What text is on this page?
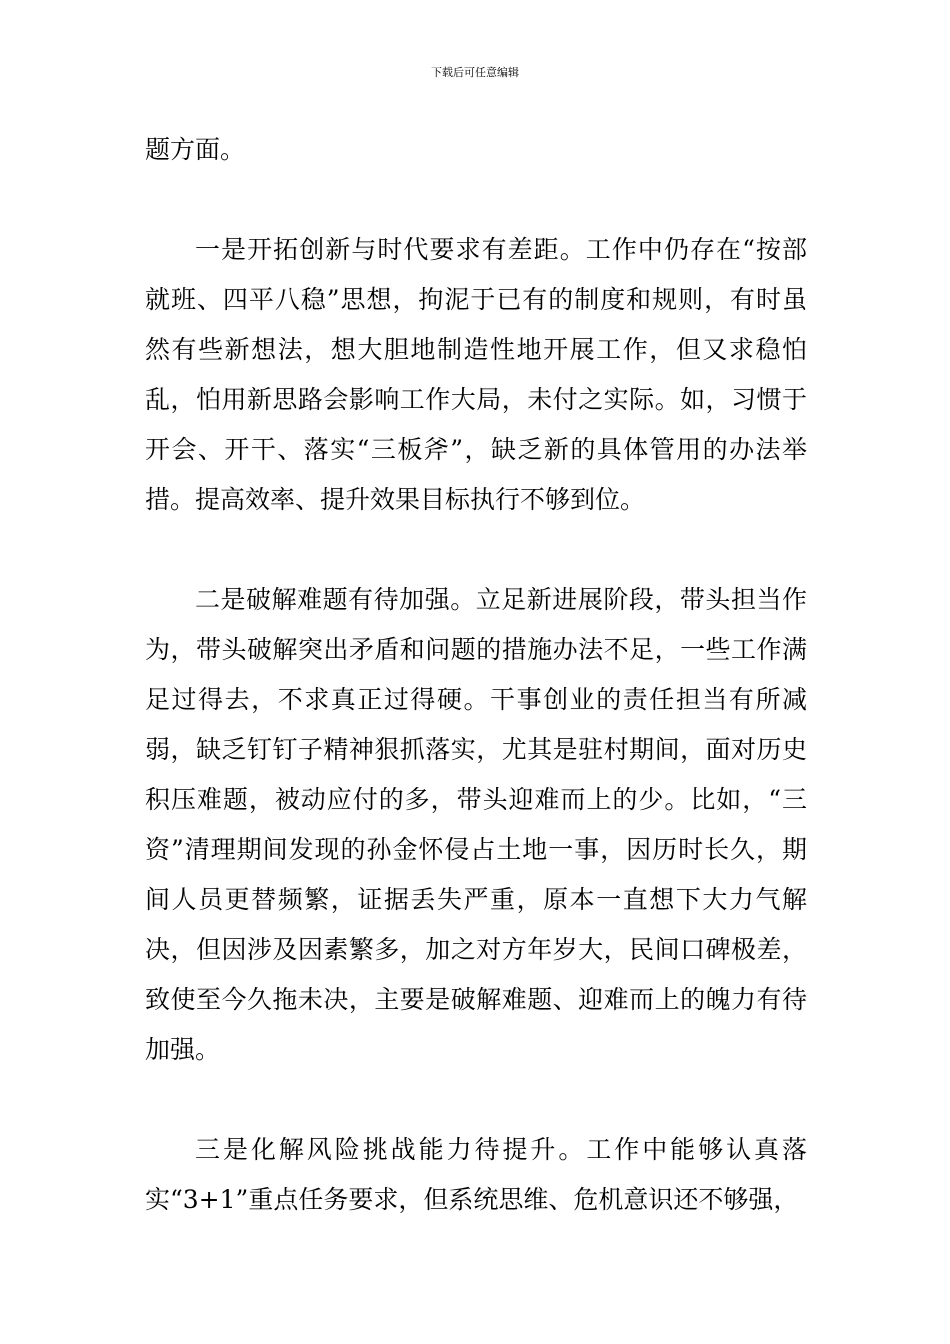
下载后可任意编辑

题方面。

一是开拓创新与时代要求有差距。工作中仍存在“按部就班、四平八稳”思想，拘泥于已有的制度和规则，有时虽然有些新想法，想大胆地制造性地开展工作，但又求稳怕乱，怕用新思路会影响工作大局，未付之实际。如，习惯于开会、开干、落实“三板斧”，缺乏新的具体管用的办法举措。提高效率、提升效果目标执行不够到位。

二是破解难题有待加强。立足新进展阶段，带头担当作为，带头破解突出矛盾和问题的措施办法不足，一些工作满足过得去，不求真正过得硬。干事创业的责任担当有所减弱，缺乏钉钉子精神狠抓落实，尤其是驻村期间，面对历史积压难题，被动应付的多，带头迎难而上的少。比如，“三资”清理期间发现的孙金怀侵占土地一事，因历时长久，期间人员更替频繁，证据丢失严重，原本一直想下大力气解决，但因涉及因素繁多，加之对方年岁大，民间口碑极差，致使至今久拖未决，主要是破解难题、迎难而上的魄力有待加强。

三是化解风险挑战能力待提升。工作中能够认真落实“3+1”重点任务要求，但系统思维、危机意识还不够强，
